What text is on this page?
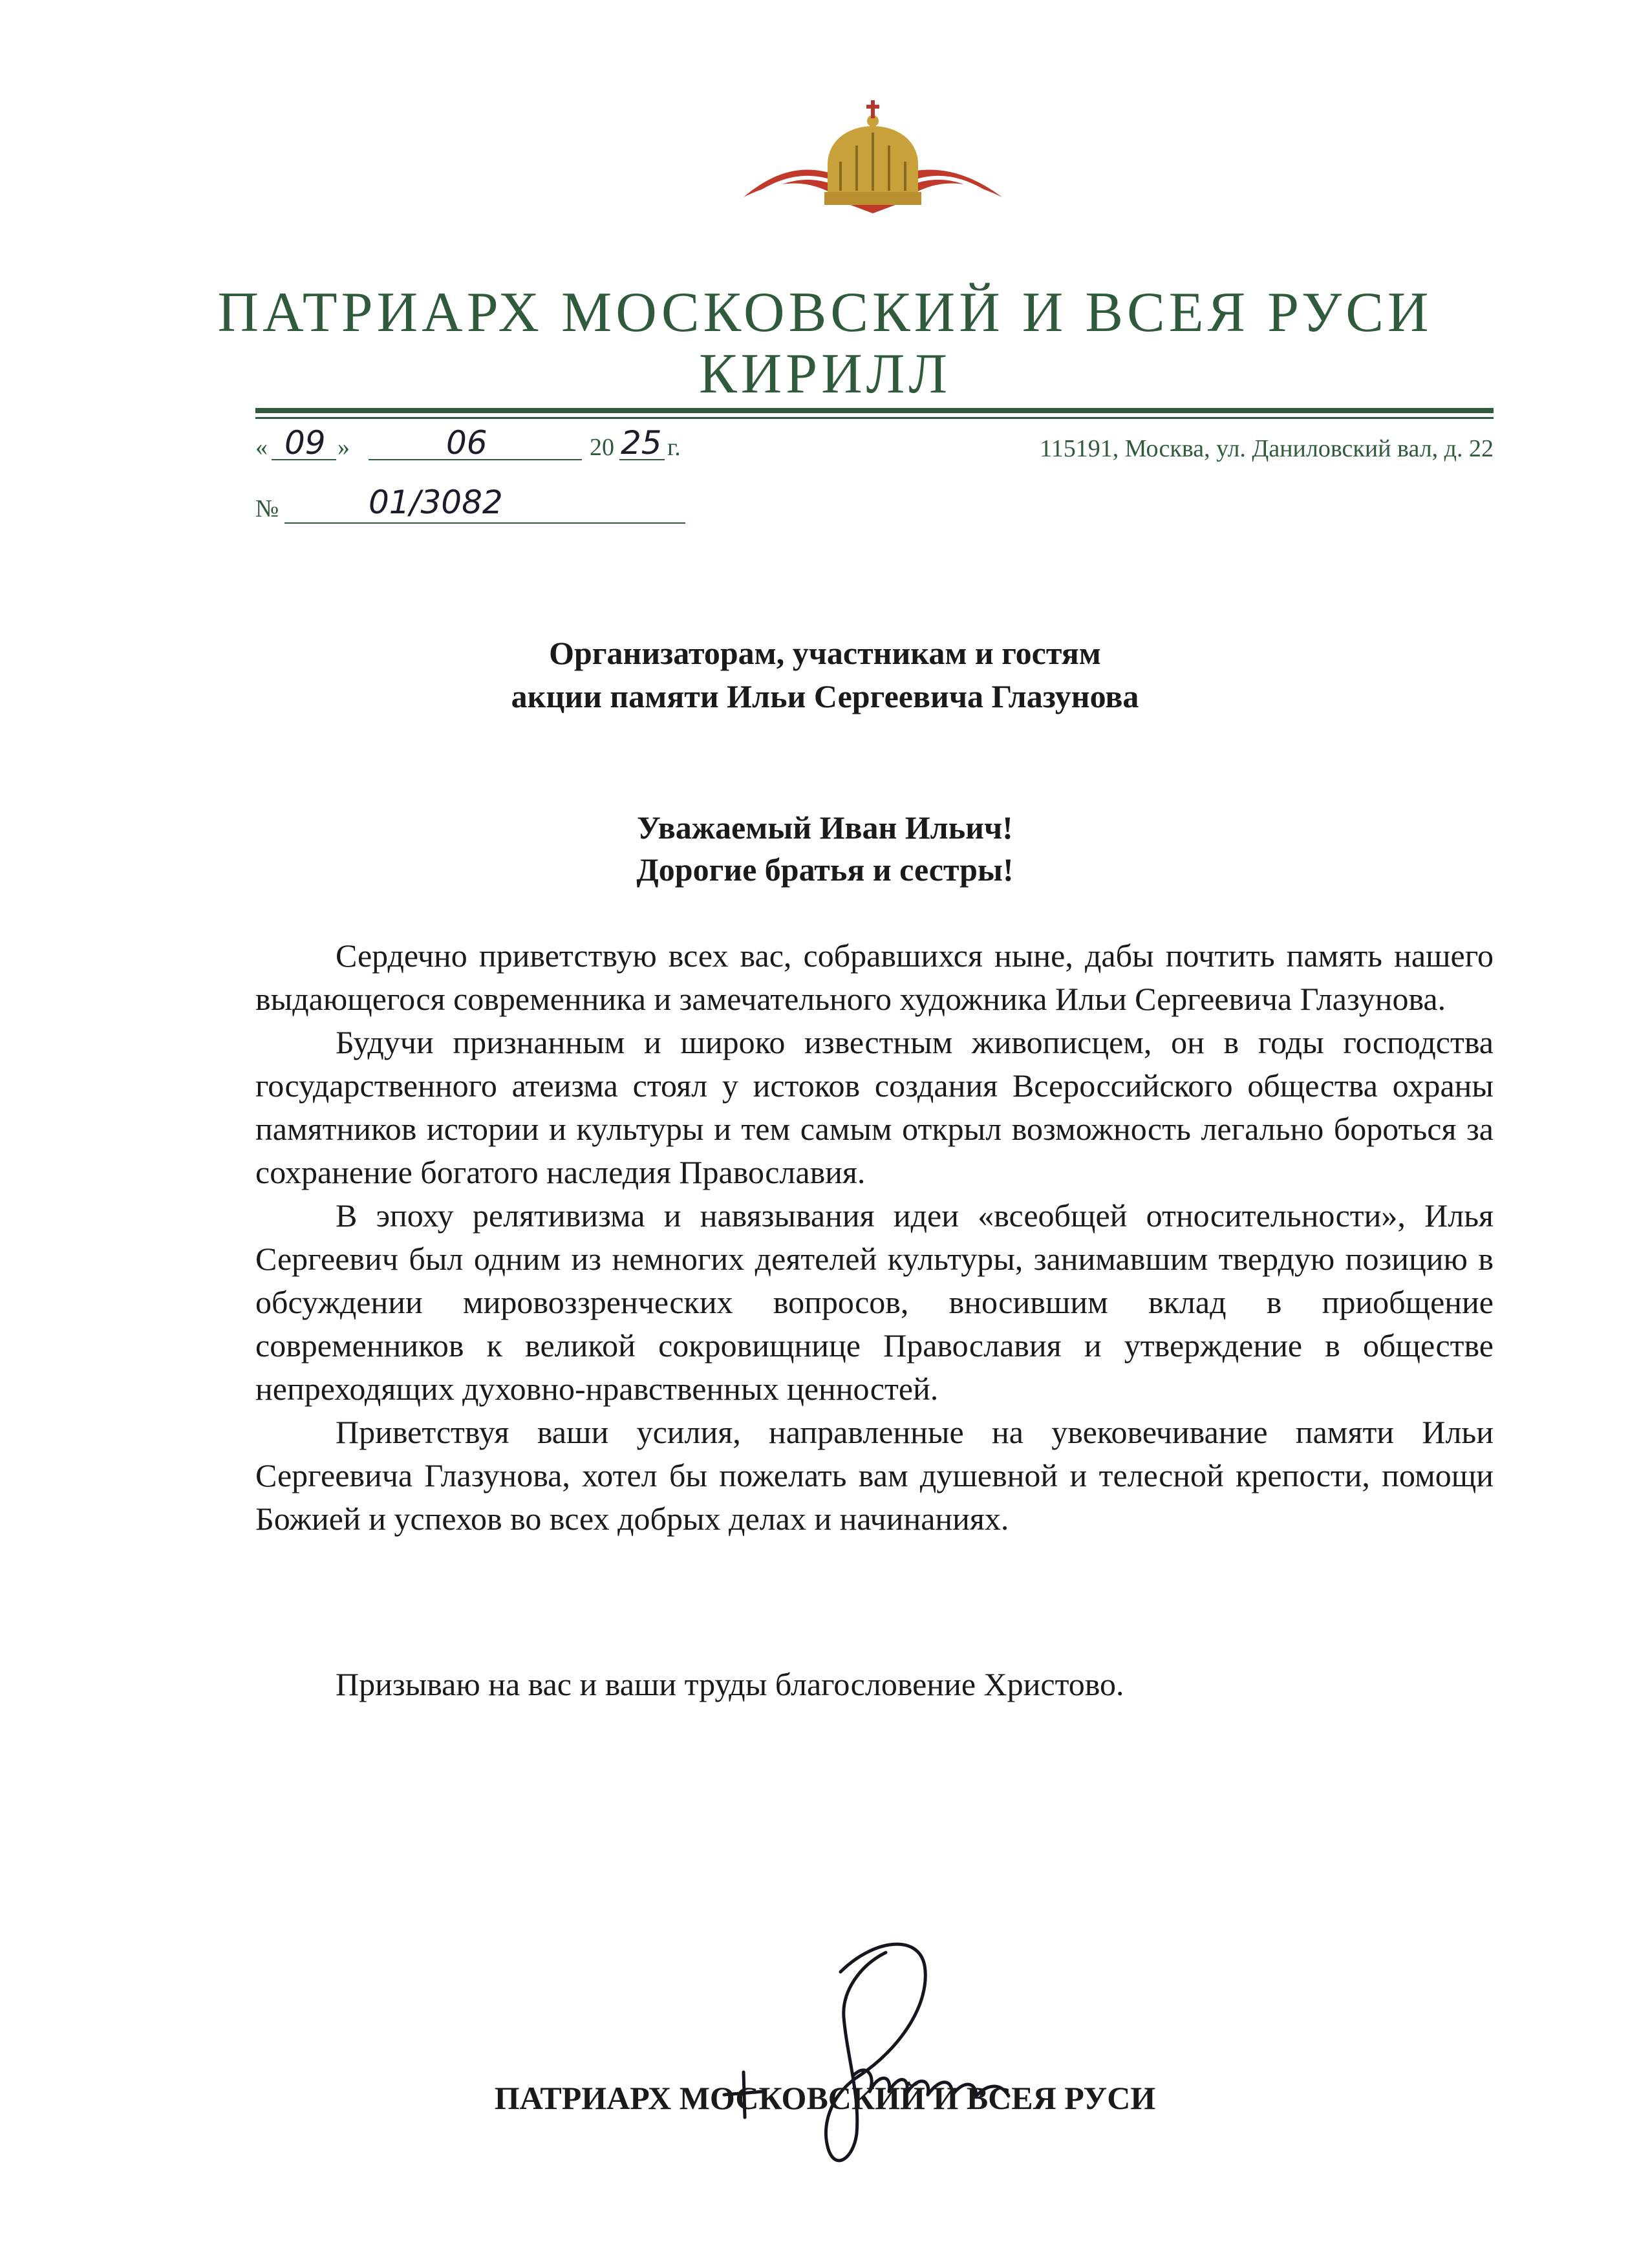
ПАТРИАРХ МОСКОВСКИЙ И ВСЕЯ РУСИ
КИРИЛЛ
« 09 »	06	20 25 г.	115191, Москва, ул. Даниловский вал, д. 22
№	01/3082
Организаторам, участникам и гостям
акции памяти Ильи Сергеевича Глазунова
Уважаемый Иван Ильич!
Дорогие братья и сестры!

Сердечно приветствую всех вас, собравшихся ныне, дабы почтить память нашего выдающегося современника и замечательного художника Ильи Сергеевича Глазунова.

Будучи признанным и широко известным живописцем, он в годы господства государственного атеизма стоял у истоков создания Всероссийского общества охраны памятников истории и культуры и тем самым открыл возможность легально бороться за сохранение богатого наследия Православия.

В эпоху релятивизма и навязывания идеи «всеобщей относительности», Илья Сергеевич был одним из немногих деятелей культуры, занимавшим твердую позицию в обсуждении мировоззренческих вопросов, вносившим вклад в приобщение современников к великой сокровищнице Православия и утверждение в обществе непреходящих духовно-нравственных ценностей.

Приветствуя ваши усилия, направленные на увековечивание памяти Ильи Сергеевича Глазунова, хотел бы пожелать вам душевной и телесной крепости, помощи Божией и успехов во всех добрых делах и начинаниях.

Призываю на вас и ваши труды благословение Христово.
ПАТРИАРХ МОСКОВСКИЙ И ВСЕЯ РУСИ
